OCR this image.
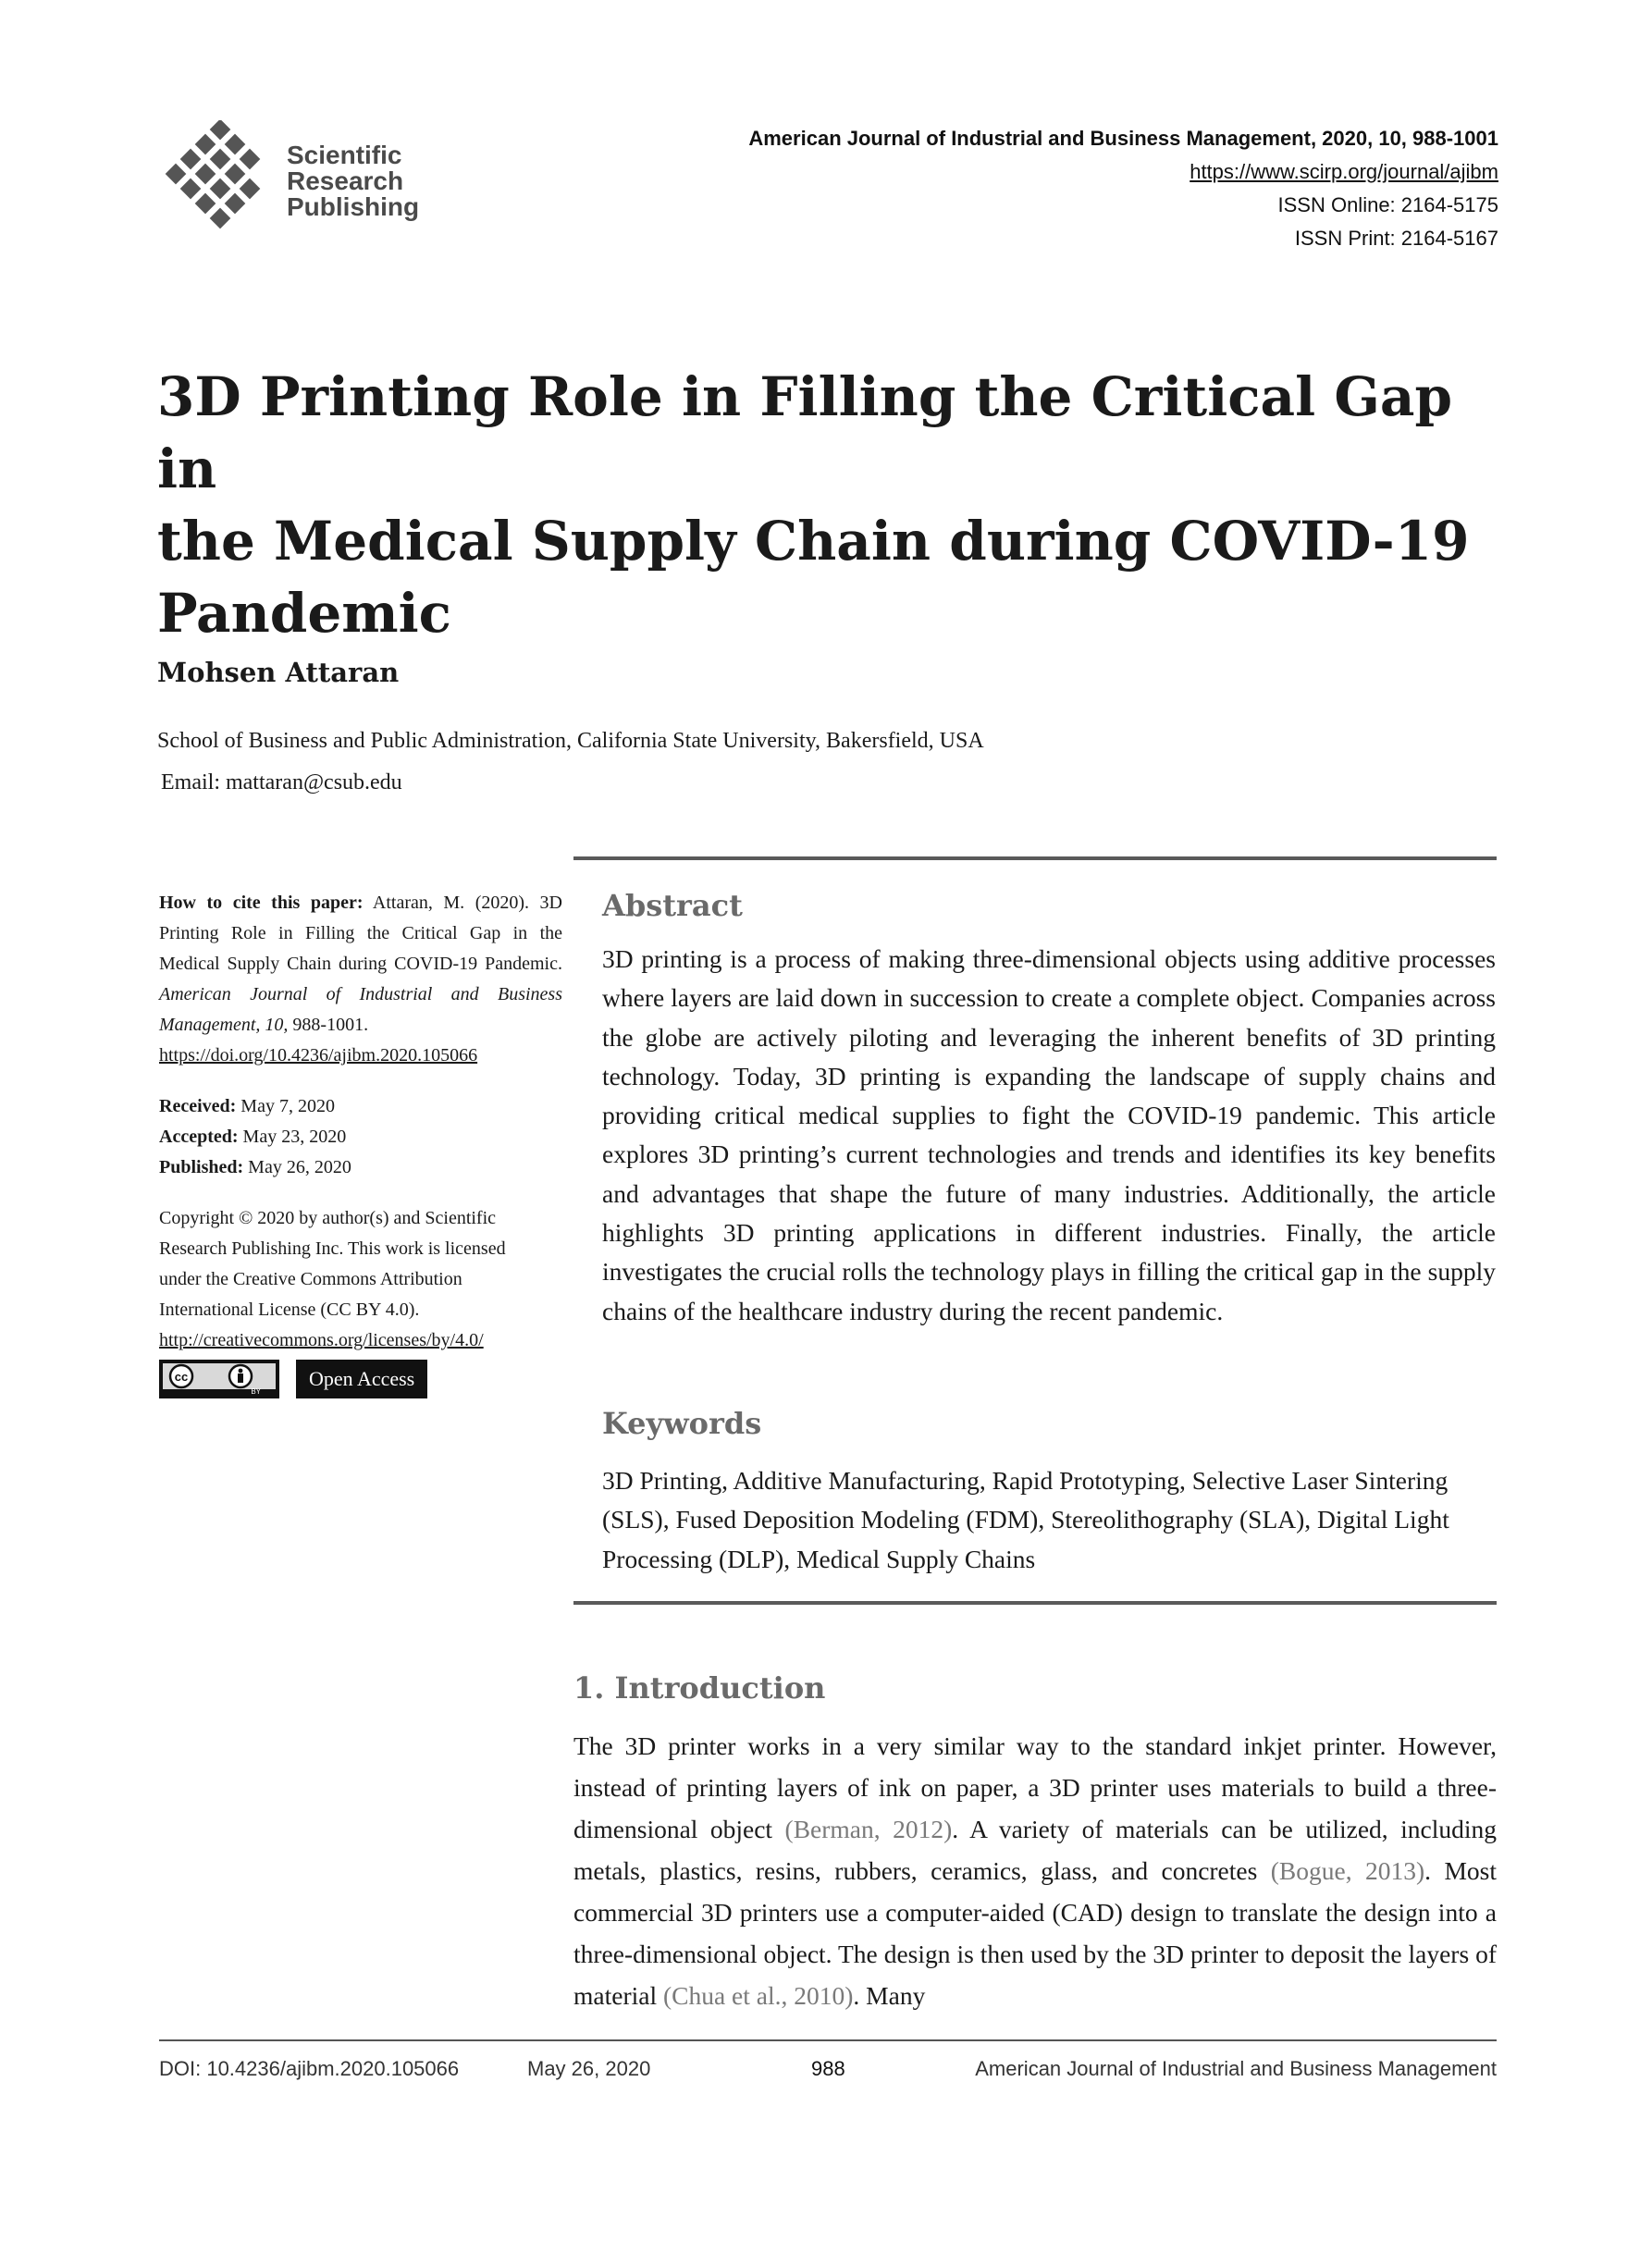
Scientific
Research
Publishing
American Journal of Industrial and Business Management, 2020, 10, 988-1001
https://www.scirp.org/journal/ajibm
ISSN Online: 2164-5175
ISSN Print: 2164-5167
3D Printing Role in Filling the Critical Gap in
the Medical Supply Chain during COVID-19
Pandemic
Mohsen Attaran
School of Business and Public Administration, California State University, Bakersfield, USA
Email: mattaran@csub.edu
How to cite this paper: Attaran, M. (2020). 3D Printing Role in Filling the Critical Gap in the Medical Supply Chain during COVID-19 Pandemic. American Journal of Industrial and Business Management, 10, 988-1001.
https://doi.org/10.4236/ajibm.2020.105066
Received: May 7, 2020
Accepted: May 23, 2020
Published: May 26, 2020
Copyright © 2020 by author(s) and Scientific Research Publishing Inc. This work is licensed under the Creative Commons Attribution International License (CC BY 4.0).
http://creativecommons.org/licenses/by/4.0/
cc
BY
Open Access
Abstract

3D printing is a process of making three-dimensional objects using additive processes where layers are laid down in succession to create a complete object. Companies across the globe are actively piloting and leveraging the inherent benefits of 3D printing technology. Today, 3D printing is expanding the landscape of supply chains and providing critical medical supplies to fight the COVID-19 pandemic. This article explores 3D printing’s current technologies and trends and identifies its key benefits and advantages that shape the future of many industries. Additionally, the article highlights 3D printing applications in different industries. Finally, the article investigates the crucial rolls the technology plays in filling the critical gap in the supply chains of the healthcare industry during the recent pandemic.

Keywords

3D Printing, Additive Manufacturing, Rapid Prototyping, Selective Laser Sintering (SLS), Fused Deposition Modeling (FDM), Stereolithography (SLA), Digital Light Processing (DLP), Medical Supply Chains

1. Introduction

The 3D printer works in a very similar way to the standard inkjet printer. However, instead of printing layers of ink on paper, a 3D printer uses materials to build a three-dimensional object (Berman, 2012). A variety of materials can be utilized, including metals, plastics, resins, rubbers, ceramics, glass, and concretes (Bogue, 2013). Most commercial 3D printers use a computer-aided (CAD) design to translate the design into a three-dimensional object. The design is then used by the 3D printer to deposit the layers of material (Chua et al., 2010). Many

DOI: 10.4236/ajibm.2020.105066	May 26, 2020	988	American Journal of Industrial and Business Management
